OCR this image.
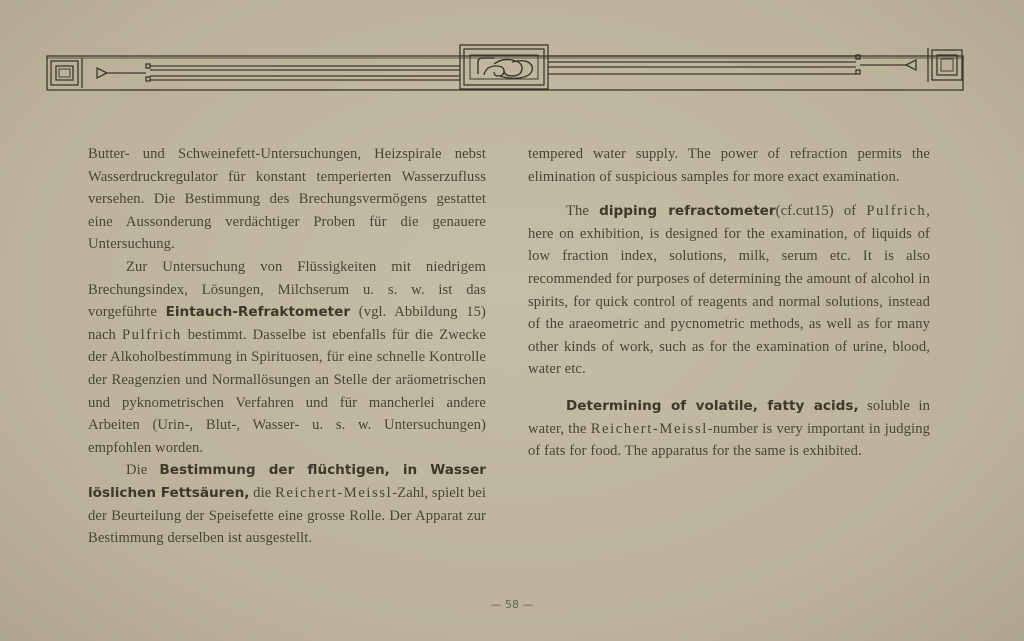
Butter- und Schweinefett-Untersuchungen, Heizspirale nebst Wasserdruckregulator für konstant temperierten Wasserzufluss versehen. Die Bestimmung des Brechungsvermögens gestattet eine Aussonderung verdächtiger Proben für die genauere Untersuchung.

Zur Untersuchung von Flüssigkeiten mit niedrigem Brechungsindex, Lösungen, Milchserum u. s. w. ist das vorgeführte Eintauch-Refraktometer (vgl. Abbildung 15) nach Pulfrich bestimmt. Dasselbe ist ebenfalls für die Zwecke der Alkoholbestimmung in Spirituosen, für eine schnelle Kontrolle der Reagenzien und Normallösungen an Stelle der aräometrischen und pyknometrischen Verfahren und für mancherlei andere Arbeiten (Urin-, Blut-, Wasser- u. s. w. Untersuchungen) empfohlen worden.

Die Bestimmung der flüchtigen, in Wasser löslichen Fettsäuren, die Reichert-Meissl-Zahl, spielt bei der Beurteilung der Speisefette eine grosse Rolle. Der Apparat zur Bestimmung derselben ist ausgestellt.

tempered water supply. The power of refraction permits the elimination of suspicious samples for more exact examination.

The dipping refractometer(cf.cut15) of Pulfrich, here on exhibition, is designed for the examination, of liquids of low fraction index, solutions, milk, serum etc. It is also recommended for purposes of determining the amount of alcohol in spirits, for quick control of reagents and normal solutions, instead of the araeometric and pycnometric methods, as well as for many other kinds of work, such as for the examination of urine, blood, water etc.

Determining of volatile, fatty acids, soluble in water, the Reichert-Meissl-number is very important in judging of fats for food. The apparatus for the same is exhibited.

— 58 —
